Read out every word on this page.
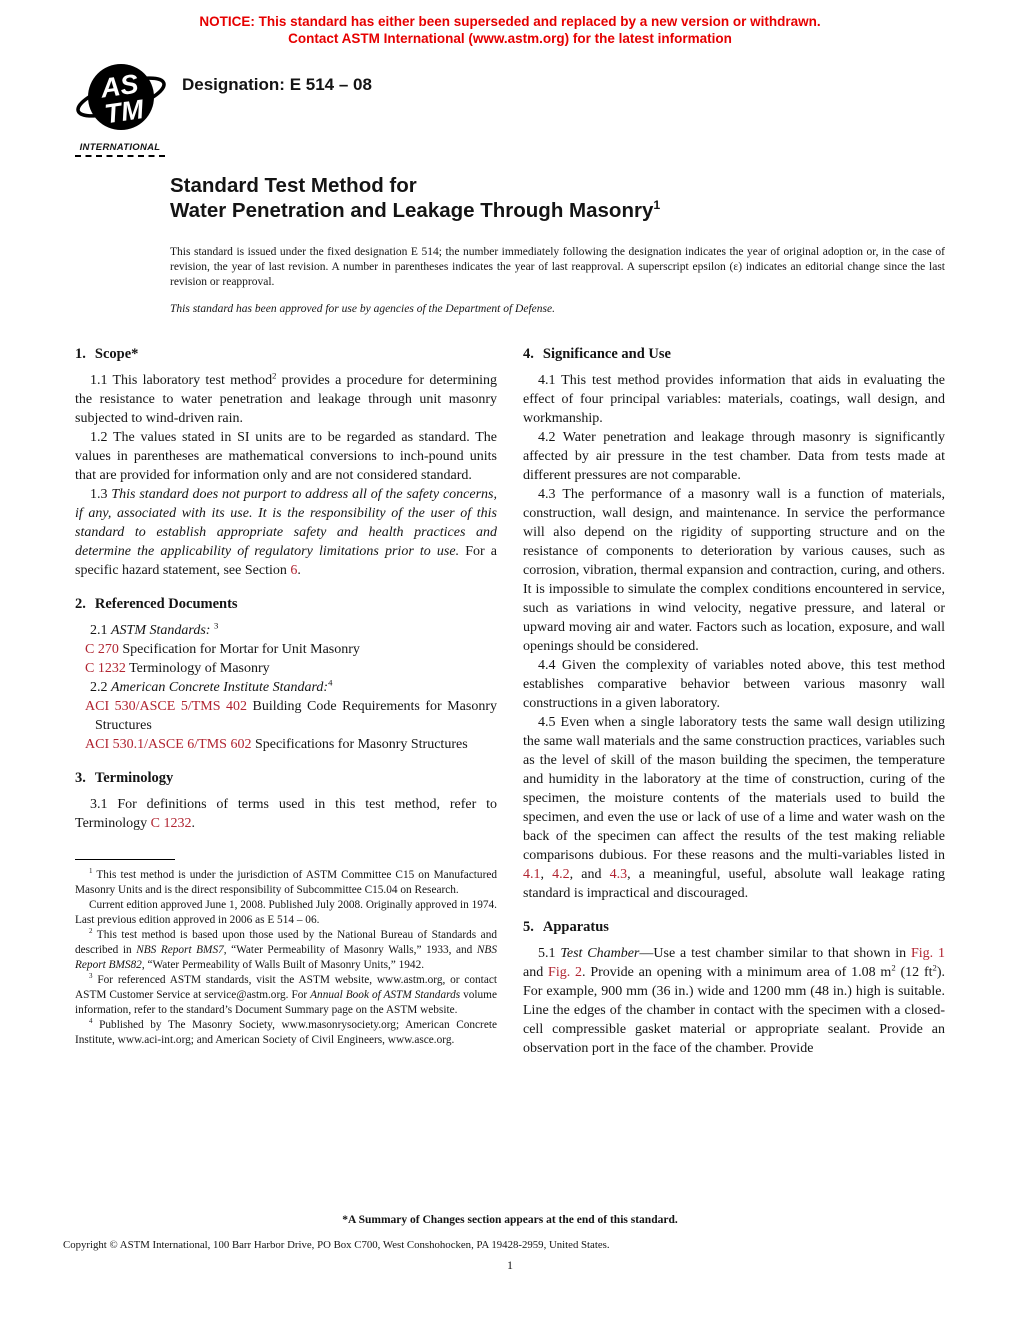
NOTICE: This standard has either been superseded and replaced by a new version or withdrawn.
Contact ASTM International (www.astm.org) for the latest information
AS
TM
INTERNATIONAL
Designation: E 514 – 08
Standard Test Method for
Water Penetration and Leakage Through Masonry$^1$
This standard is issued under the fixed designation E 514; the number immediately following the designation indicates the year of original adoption or, in the case of revision, the year of last revision. A number in parentheses indicates the year of last reapproval. A superscript epsilon (ε) indicates an editorial change since the last revision or reapproval.
This standard has been approved for use by agencies of the Department of Defense.
1. Scope*

1.1 This laboratory test method$^2$ provides a procedure for determining the resistance to water penetration and leakage through unit masonry subjected to wind-driven rain.

1.2 The values stated in SI units are to be regarded as standard. The values in parentheses are mathematical conversions to inch-pound units that are provided for information only and are not considered standard.

1.3 This standard does not purport to address all of the safety concerns, if any, associated with its use. It is the responsibility of the user of this standard to establish appropriate safety and health practices and determine the applicability of regulatory limitations prior to use. For a specific hazard statement, see Section 6.

2. Referenced Documents

2.1 ASTM Standards: $^3$

C 270 Specification for Mortar for Unit Masonry

C 1232 Terminology of Masonry

2.2 American Concrete Institute Standard:$^4$

ACI 530/ASCE 5/TMS 402 Building Code Requirements for Masonry Structures

ACI 530.1/ASCE 6/TMS 602 Specifications for Masonry Structures

3. Terminology

3.1 For definitions of terms used in this test method, refer to Terminology C 1232.

$^1$ This test method is under the jurisdiction of ASTM Committee C15 on Manufactured Masonry Units and is the direct responsibility of Subcommittee C15.04 on Research.

Current edition approved June 1, 2008. Published July 2008. Originally approved in 1974. Last previous edition approved in 2006 as E 514 – 06.

$^2$ This test method is based upon those used by the National Bureau of Standards and described in NBS Report BMS7, “Water Permeability of Masonry Walls,” 1933, and NBS Report BMS82, “Water Permeability of Walls Built of Masonry Units,” 1942.

$^3$ For referenced ASTM standards, visit the ASTM website, www.astm.org, or contact ASTM Customer Service at service@astm.org. For Annual Book of ASTM Standards volume information, refer to the standard’s Document Summary page on the ASTM website.

$^4$ Published by The Masonry Society, www.masonrysociety.org; American Concrete Institute, www.aci-int.org; and American Society of Civil Engineers, www.asce.org.

4. Significance and Use

4.1 This test method provides information that aids in evaluating the effect of four principal variables: materials, coatings, wall design, and workmanship.

4.2 Water penetration and leakage through masonry is significantly affected by air pressure in the test chamber. Data from tests made at different pressures are not comparable.

4.3 The performance of a masonry wall is a function of materials, construction, wall design, and maintenance. In service the performance will also depend on the rigidity of supporting structure and on the resistance of components to deterioration by various causes, such as corrosion, vibration, thermal expansion and contraction, curing, and others. It is impossible to simulate the complex conditions encountered in service, such as variations in wind velocity, negative pressure, and lateral or upward moving air and water. Factors such as location, exposure, and wall openings should be considered.

4.4 Given the complexity of variables noted above, this test method establishes comparative behavior between various masonry wall constructions in a given laboratory.

4.5 Even when a single laboratory tests the same wall design utilizing the same wall materials and the same construction practices, variables such as the level of skill of the mason building the specimen, the temperature and humidity in the laboratory at the time of construction, curing of the specimen, the moisture contents of the materials used to build the specimen, and even the use or lack of use of a lime and water wash on the back of the specimen can affect the results of the test making reliable comparisons dubious. For these reasons and the multi-variables listed in 4.1, 4.2, and 4.3, a meaningful, useful, absolute wall leakage rating standard is impractical and discouraged.

5. Apparatus

5.1 Test Chamber—Use a test chamber similar to that shown in Fig. 1 and Fig. 2. Provide an opening with a minimum area of 1.08 $m^2$ (12 $ft^2$). For example, 900 mm (36 in.) wide and 1200 mm (48 in.) high is suitable. Line the edges of the chamber in contact with the specimen with a closed-cell compressible gasket material or appropriate sealant. Provide an observation port in the face of the chamber. Provide

*A Summary of Changes section appears at the end of this standard.
Copyright © ASTM International, 100 Barr Harbor Drive, PO Box C700, West Conshohocken, PA 19428-2959, United States.
1
